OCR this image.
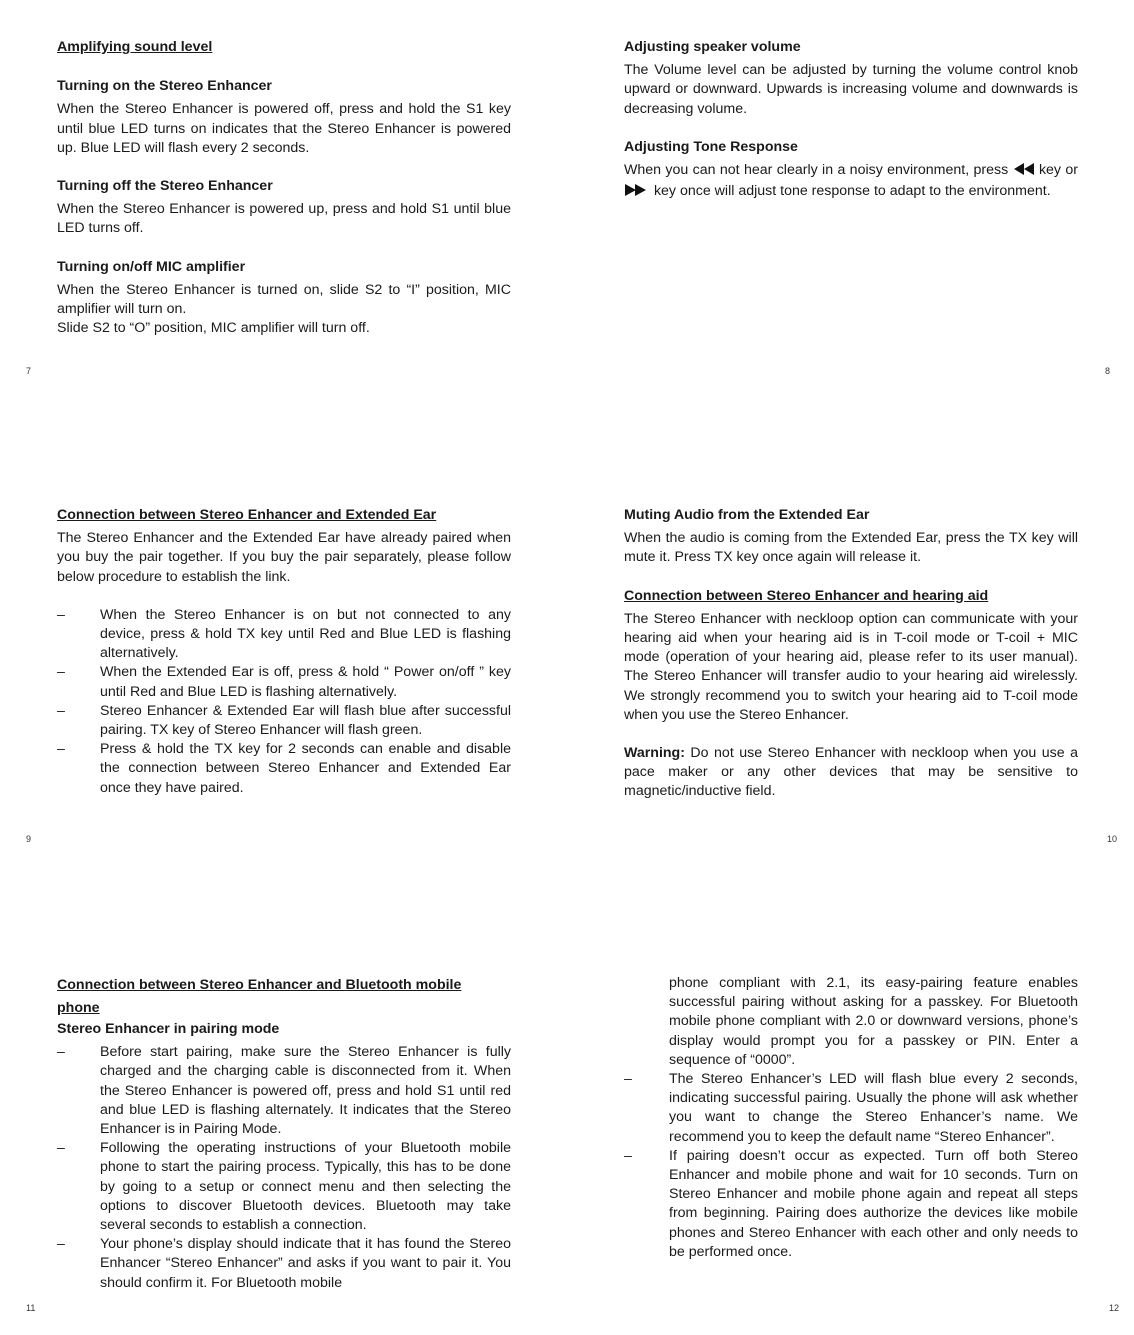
Amplifying sound level
Turning on the Stereo Enhancer

When the Stereo Enhancer is powered off, press and hold the S1 key until blue LED turns on indicates that the Stereo Enhancer is powered up. Blue LED will flash every 2 seconds.

Turning off the Stereo Enhancer

When the Stereo Enhancer is powered up, press and hold S1 until blue LED turns off.

Turning on/off MIC amplifier

When the Stereo Enhancer is turned on, slide S2 to “I” position, MIC amplifier will turn on.

Slide S2 to “O” position, MIC amplifier will turn off.

7
Adjusting speaker volume

The Volume level can be adjusted by turning the volume control knob upward or downward. Upwards is increasing volume and downwards is decreasing volume.

Adjusting Tone Response

When you can not hear clearly in a noisy environment, press key or  key once will adjust tone response to adapt to the environment.

8
Connection between Stereo Enhancer and Extended Ear

The Stereo Enhancer and the Extended Ear have already paired when you buy the pair together. If you buy the pair separately, please follow below procedure to establish the link.

– When the Stereo Enhancer is on but not connected to any device, press & hold TX key until Red and Blue LED is flashing alternatively.
– When the Extended Ear is off, press & hold “ Power on/off ” key until Red and Blue LED is flashing alternatively.
– Stereo Enhancer & Extended Ear will flash blue after successful pairing. TX key of Stereo Enhancer will flash green.
– Press & hold the TX key for 2 seconds can enable and disable the connection between Stereo Enhancer and Extended Ear once they have paired.
9
Muting Audio from the Extended Ear

When the audio is coming from the Extended Ear, press the TX key will mute it. Press TX key once again will release it.

Connection between Stereo Enhancer and hearing aid

The Stereo Enhancer with neckloop option can communicate with your hearing aid when your hearing aid is in T-coil mode or T-coil + MIC mode (operation of your hearing aid, please refer to its user manual). The Stereo Enhancer will transfer audio to your hearing aid wirelessly. We strongly recommend you to switch your hearing aid to T-coil mode when you use the Stereo Enhancer.

Warning: Do not use Stereo Enhancer with neckloop when you use a pace maker or any other devices that may be sensitive to magnetic/inductive field.

10
Connection between Stereo Enhancer and Bluetooth mobile
phone
Stereo Enhancer in pairing mode
– Before start pairing, make sure the Stereo Enhancer is fully charged and the charging cable is disconnected from it. When the Stereo Enhancer is powered off, press and hold S1 until red and blue LED is flashing alternately. It indicates that the Stereo Enhancer is in Pairing Mode.
– Following the operating instructions of your Bluetooth mobile phone to start the pairing process. Typically, this has to be done by going to a setup or connect menu and then selecting the options to discover Bluetooth devices. Bluetooth may take several seconds to establish a connection.
– Your phone’s display should indicate that it has found the Stereo Enhancer “Stereo Enhancer” and asks if you want to pair it. You should confirm it. For Bluetooth mobile
11

phone compliant with 2.1, its easy-pairing feature enables successful pairing without asking for a passkey. For Bluetooth mobile phone compliant with 2.0 or downward versions, phone’s display would prompt you for a passkey or PIN. Enter a sequence of “0000”.

–	The Stereo Enhancer’s LED will flash blue every 2 seconds, indicating successful pairing. Usually the phone will ask whether you want to change the Stereo Enhancer’s name. We recommend you to keep the default name “Stereo Enhancer”.
–	If pairing doesn’t occur as expected. Turn off both Stereo Enhancer and mobile phone and wait for 10 seconds. Turn on Stereo Enhancer and mobile phone again and repeat all steps from beginning. Pairing does authorize the devices like mobile phones and Stereo Enhancer with each other and only needs to be performed once.
12
